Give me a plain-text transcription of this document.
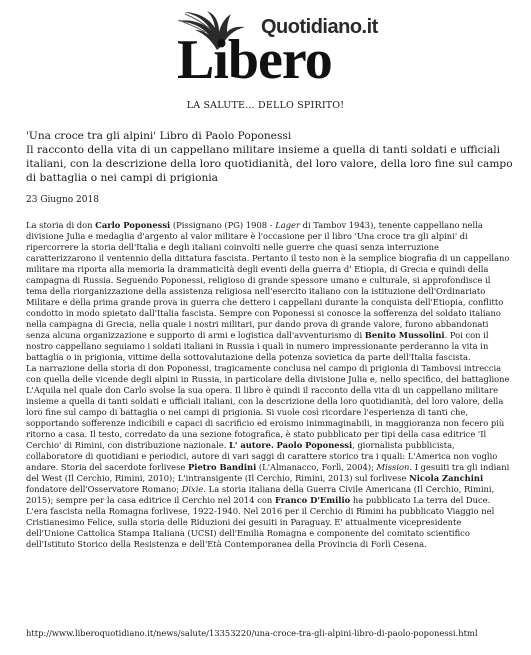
Quotidiano.it
Libero
LA SALUTE… DELLO SPIRITO!
'Una croce tra gli alpini' Libro di Paolo Poponessi
Il racconto della vita di un cappellano militare insieme a quella di tanti soldati e ufficiali italiani, con la descrizione della loro quotidianità, del loro valore, della loro fine sul campo di battaglia o nei campi di prigionia
23 Giugno 2018

La storia di don Carlo Poponessi (Pissignano (PG) 1908 - Lager di Tambov 1943), tenente cappellano nella divisione Julia e medaglia d'argento al valor militare è l'occasione per il libro 'Una croce tra gli alpini' di ripercorrere la storia dell'Italia e degli italiani coinvolti nelle guerre che quasi senza interruzione caratterizzarono il ventennio della dittatura fascista. Pertanto il testo non è la semplice biografia di un cappellano militare ma riporta alla memoria la drammaticità degli eventi della guerra d' Etiopia, di Grecia e quindi della campagna di Russia. Seguendo Poponessi, religioso di grande spessore umano e culturale, si approfondisce il tema della riorganizzazione della assistenza religiosa nell'esercito italiano con la istituzione dell'Ordinariato Militare e della prima grande prova in guerra che dettero i cappellani durante la conquista dell'Etiopia, conflitto condotto in modo spietato dall'Italia fascista. Sempre con Poponessi si conosce la sofferenza del soldato italiano nella campagna di Grecia, nella quale i nostri militari, pur dando prova di grande valore, furono abbandonati senza alcuna organizzazione e supporto di armi e logistica dall'avventurismo di Benito Mussolini. Poi con il nostro cappellano seguiamo i soldati italiani in Russia i quali in numero impressionante perderanno la vita in battaglia o in prigionia, vittime della sottovalutazione della potenza sovietica da parte dell'Italia fascista.

La narrazione della storia di don Poponessi, tragicamente conclusa nel campo di prigionia di Tambovsi intreccia con quella delle vicende degli alpini in Russia, in particolare della divisione Julia e, nello specifico, del battaglione L'Aquila nel quale don Carlo svolse la sua opera. Il libro è quindi il racconto della vita di un cappellano militare insieme a quella di tanti soldati e ufficiali italiani, con la descrizione della loro quotidianità, del loro valore, della loro fine sul campo di battaglia o nei campi di prigionia. Si vuole così ricordare l'esperienza di tanti che, sopportando sofferenze indicibili e capaci di sacrificio ed eroismo inimmaginabili, in maggioranza non fecero più ritorno a casa. Il testo, corredato da una sezione fotografica, è stato pubblicato per tipi della casa editrice 'Il Cerchio' di Rimini, con distribuzione nazionale. L' autore. Paolo Poponessi, giornalista pubblicista, collaboratore di quotidiani e periodici, autore di vari saggi di carattere storico tra i quali: L'America non voglio andare. Storia del sacerdote forlivese Pietro Bandini (L'Almanacco, Forlì, 2004); Mission. I gesuiti tra gli indiani del West (Il Cerchio, Rimini, 2010); L'intransigente (Il Cerchio, Rimini, 2013) sul forlivese Nicola Zanchini fondatore dell'Osservatore Romano; Dixie. La storia italiana della Guerra Civile Americana (Il Cerchio, Rimini, 2015); sempre per la casa editrice il Cerchio nel 2014 con Franco D'Emilio ha pubblicato La terra del Duce. L'era fascista nella Romagna forlivese, 1922-1940. Nel 2016 per il Cerchio di Rimini ha pubblicato Viaggio nel Cristianesimo Felice, sulla storia delle Riduzioni dei gesuiti in Paraguay. E' attualmente vicepresidente dell'Unione Cattolica Stampa Italiana (UCSI) dell'Emilia Romagna e componente del comitato scientifico dell'Istituto Storico della Resistenza e dell'Età Contemporanea della Provincia di Forlì Cesena.

http://www.liberoquotidiano.it/news/salute/13353220/una-croce-tra-gli-alpini-libro-di-paolo-poponessi.html
